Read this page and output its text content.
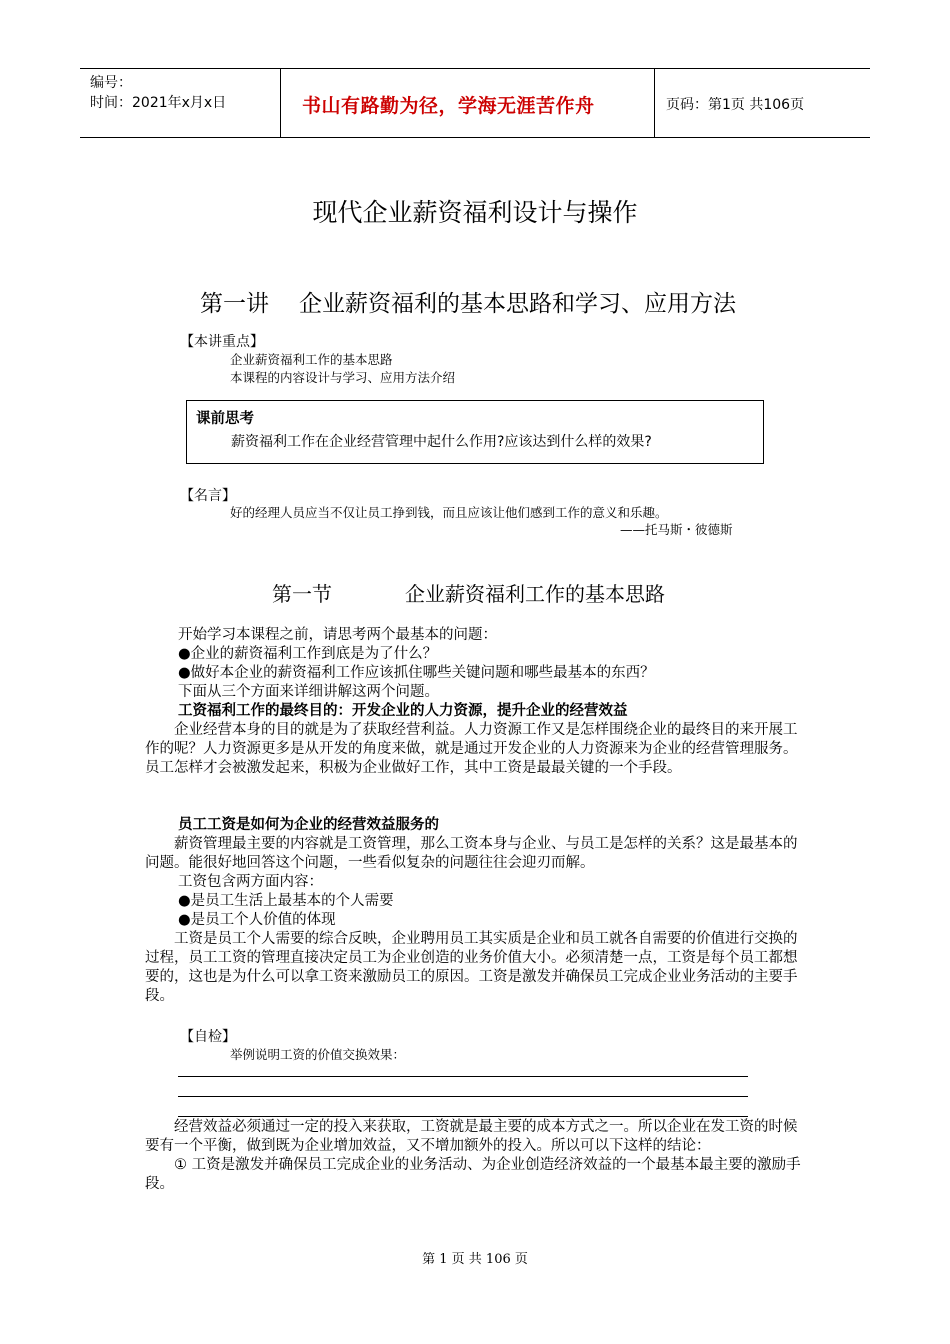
编号：
时间：2021年x月x日	书山有路勤为径，学海无涯苦作舟	页码：第1页 共106页
现代企业薪资福利设计与操作
第一讲 企业薪资福利的基本思路和学习、应用方法
【本讲重点】
企业薪资福利工作的基本思路
本课程的内容设计与学习、应用方法介绍
课前思考
薪资福利工作在企业经营管理中起什么作用?应该达到什么样的效果?
【名言】
好的经理人员应当不仅让员工挣到钱，而且应该让他们感到工作的意义和乐趣。
——托马斯・彼德斯
第一节	企业薪资福利工作的基本思路

开始学习本课程之前，请思考两个最基本的问题：

●企业的薪资福利工作到底是为了什么？

●做好本企业的薪资福利工作应该抓住哪些关键问题和哪些最基本的东西？

下面从三个方面来详细讲解这两个问题。

工资福利工作的最终目的：开发企业的人力资源，提升企业的经营效益

企业经营本身的目的就是为了获取经营利益。人力资源工作又是怎样围绕企业的最终目的来开展工作的呢？人力资源更多是从开发的角度来做，就是通过开发企业的人力资源来为企业的经营管理服务。员工怎样才会被激发起来，积极为企业做好工作，其中工资是最最关键的一个手段。

员工工资是如何为企业的经营效益服务的

薪资管理最主要的内容就是工资管理，那么工资本身与企业、与员工是怎样的关系？这是最基本的问题。能很好地回答这个问题，一些看似复杂的问题往往会迎刃而解。

工资包含两方面内容：

●是员工生活上最基本的个人需要

●是员工个人价值的体现

工资是员工个人需要的综合反映，企业聘用员工其实质是企业和员工就各自需要的价值进行交换的过程，员工工资的管理直接决定员工为企业创造的业务价值大小。必须清楚一点，工资是每个员工都想要的，这也是为什么可以拿工资来激励员工的原因。工资是激发并确保员工完成企业业务活动的主要手段。

【自检】
举例说明工资的价值交换效果：

经营效益必须通过一定的投入来获取，工资就是最主要的成本方式之一。所以企业在发工资的时候要有一个平衡，做到既为企业增加效益，又不增加额外的投入。所以可以下这样的结论：

① 工资是激发并确保员工完成企业的业务活动、为企业创造经济效益的一个最基本最主要的激励手段。

第 1 页 共 106 页
